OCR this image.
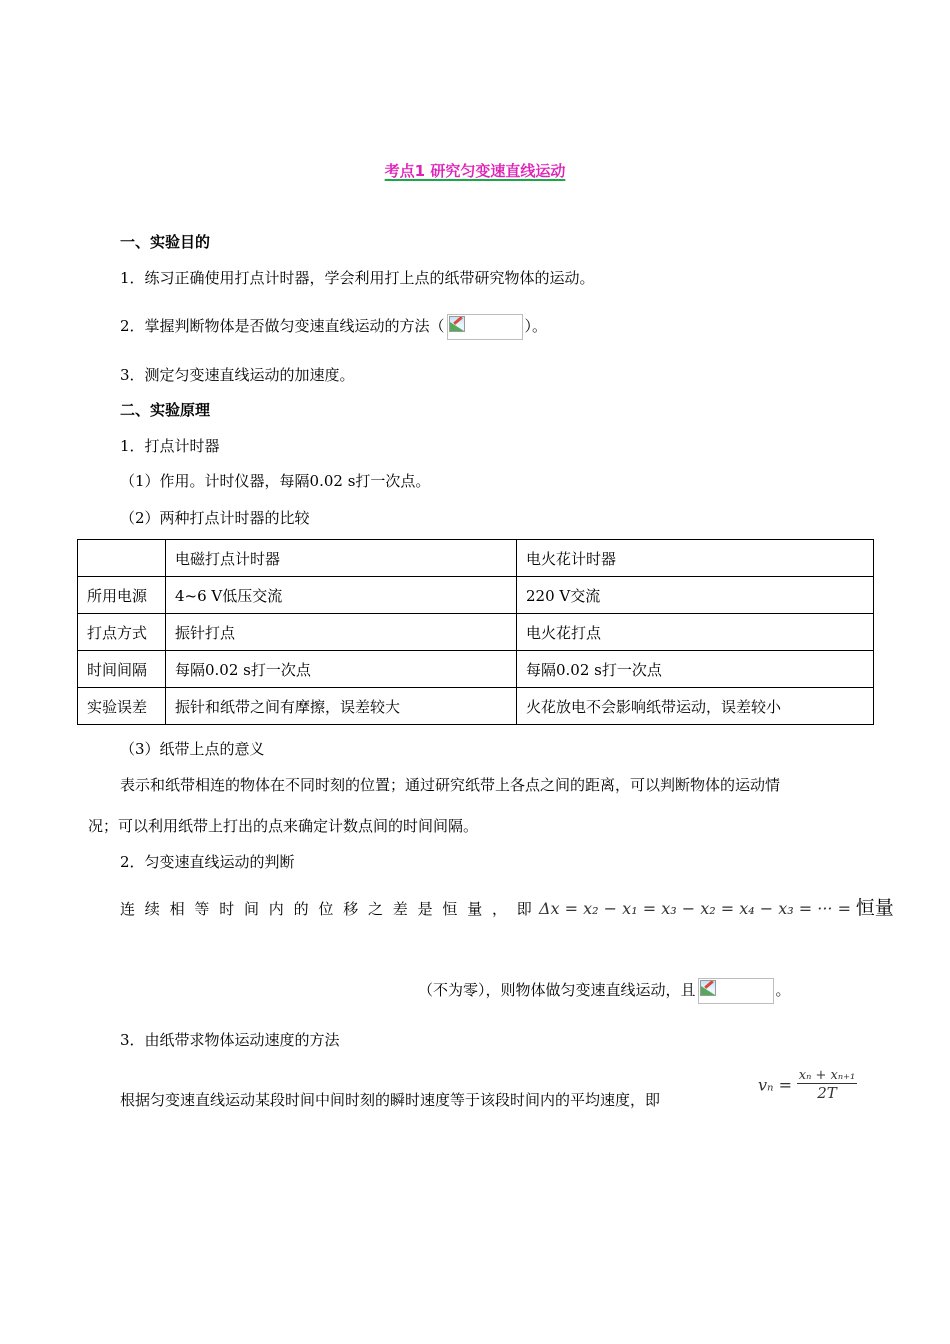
考点1 研究匀变速直线运动
一、实验目的
1．练习正确使用打点计时器，学会利用打上点的纸带研究物体的运动。
2．掌握判断物体是否做匀变速直线运动的方法（	）。
3．测定匀变速直线运动的加速度。
二、实验原理
1．打点计时器
（1）作用。计时仪器，每隔0.02 s打一次点。
（2）两种打点计时器的比较
	电磁打点计时器	电火花计时器
所用电源	4~6 V低压交流	220 V交流
打点方式	振针打点	电火花打点
时间间隔	每隔0.02 s打一次点	每隔0.02 s打一次点
实验误差	振针和纸带之间有摩擦，误差较大	火花放电不会影响纸带运动，误差较小
（3）纸带上点的意义
表示和纸带相连的物体在不同时刻的位置；通过研究纸带上各点之间的距离，可以判断物体的运动情
况；可以利用纸带上打出的点来确定计数点间的时间间隔。
2．匀变速直线运动的判断
连续相等时间内的位移之差是恒量，即
Δx = x₂ − x₁ = x₃ − x₂ = x₄ − x₃ = ··· = 恒量
（不为零），则物体做匀变速直线运动，且	。
3．由纸带求物体运动速度的方法
根据匀变速直线运动某段时间中间时刻的瞬时速度等于该段时间内的平均速度，即
$v_n = \frac{\text{xₙ + xₙ₊₁}}{2T}$
